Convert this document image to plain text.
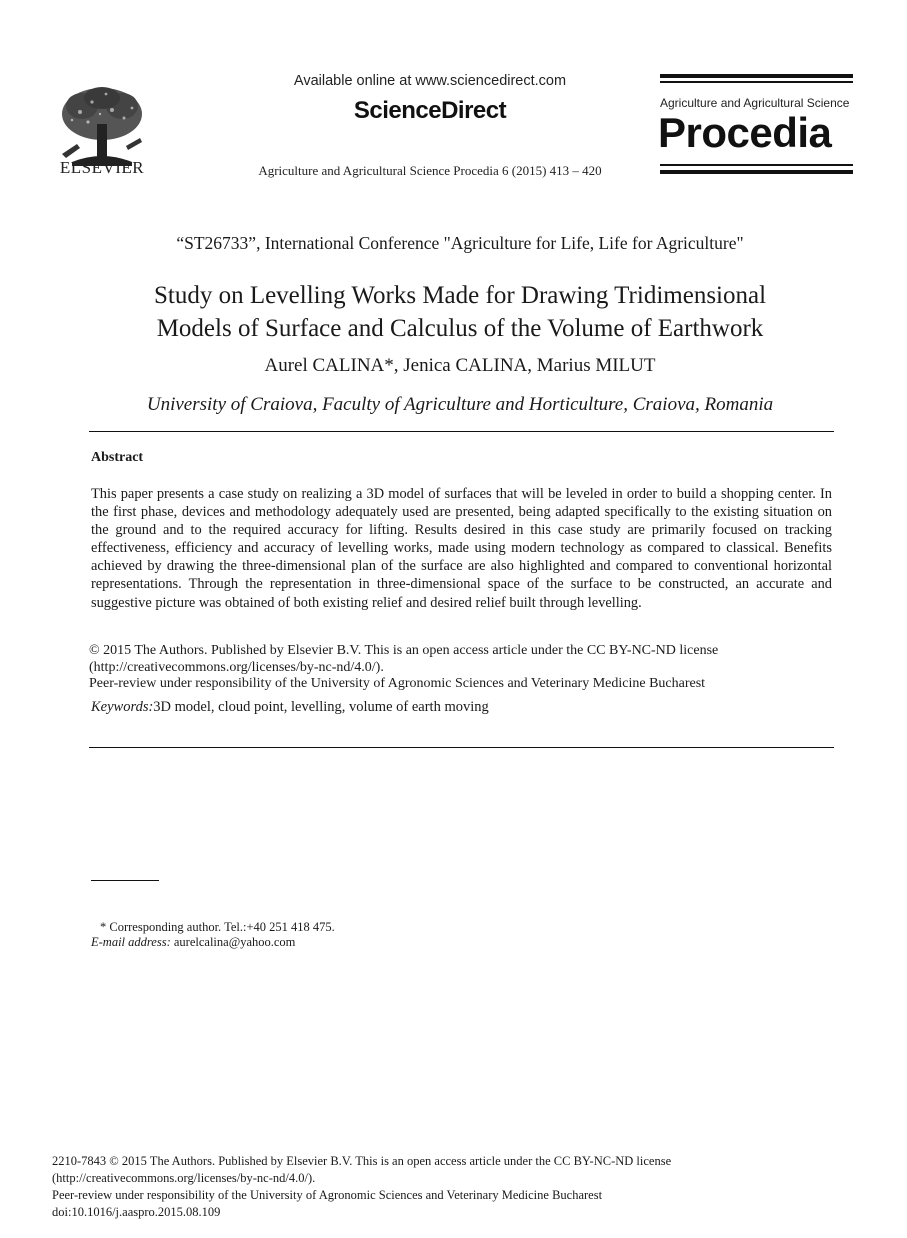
ELSEVIER
Available online at www.sciencedirect.com
ScienceDirect
Agriculture and Agricultural Science Procedia 6 (2015) 413 – 420
Agriculture and Agricultural Science
Procedia
“ST26733”, International Conference "Agriculture for Life, Life for Agriculture"
Study on Levelling Works Made for Drawing Tridimensional
Models of Surface and Calculus of the Volume of Earthwork
Aurel CALINA*, Jenica CALINA, Marius MILUT
University of Craiova, Faculty of Agriculture and Horticulture, Craiova, Romania
Abstract
This paper presents a case study on realizing a 3D model of surfaces that will be leveled in order to build a shopping center. In the first phase, devices and methodology adequately used are presented, being adapted specifically to the existing situation on the ground and to the required accuracy for lifting. Results desired in this case study are primarily focused on tracking effectiveness, efficiency and accuracy of levelling works, made using modern technology as compared to classical. Benefits achieved by drawing the three-dimensional plan of the surface are also highlighted and compared to conventional horizontal representations. Through the representation in three-dimensional space of the surface to be constructed, an accurate and suggestive picture was obtained of both existing relief and desired relief built through levelling.
© 2015 The Authors. Published by Elsevier B.V. This is an open access article under the CC BY-NC-ND license
(http://creativecommons.org/licenses/by-nc-nd/4.0/).
Peer-review under responsibility of the University of Agronomic Sciences and Veterinary Medicine Bucharest
Keywords:3D model, cloud point, levelling, volume of earth moving
* Corresponding author. Tel.:+40 251 418 475.
E-mail address: aurelcalina@yahoo.com
2210-7843 © 2015 The Authors. Published by Elsevier B.V. This is an open access article under the CC BY-NC-ND license
(http://creativecommons.org/licenses/by-nc-nd/4.0/).
Peer-review under responsibility of the University of Agronomic Sciences and Veterinary Medicine Bucharest
doi:10.1016/j.aaspro.2015.08.109
